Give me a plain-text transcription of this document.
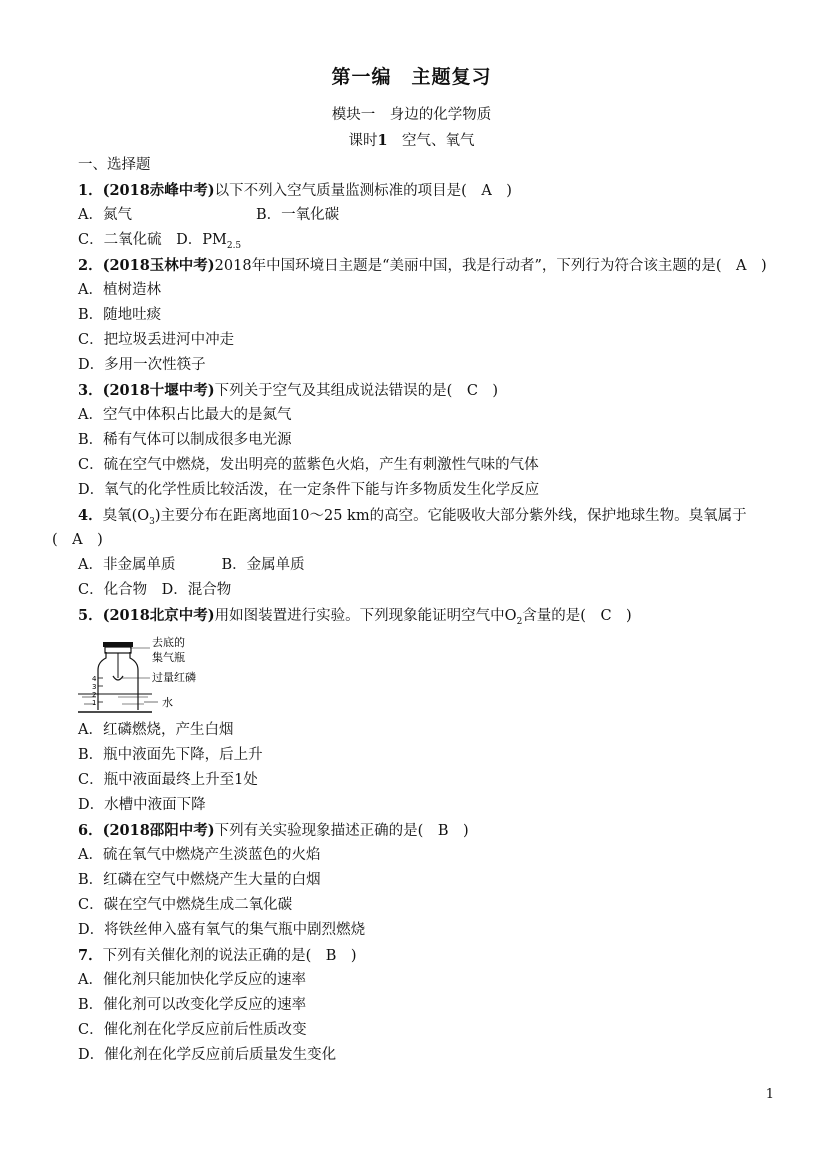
第一编　主题复习
模块一　身边的化学物质
课时1　 空气、氧气
一、选择题
1．(2018赤峰中考)以下不列入空气质量监测标准的项目是(　A　)
A．氮气	B．一氧化碳
C．二氧化硫　 D．$PM_{2.5}$
2．(2018玉林中考)2018年中国环境日主题是“美丽中国，我是行动者”，下列行为符合该主题的是(　A　)
A．植树造林
B．随地吐痰
C．把垃圾丢进河中冲走
D．多用一次性筷子
3．(2018十堰中考)下列关于空气及其组成说法错误的是(　C　)
A．空气中体积占比最大的是氮气
B．稀有气体可以制成很多电光源
C．硫在空气中燃烧，发出明亮的蓝紫色火焰，产生有刺激性气味的气体
D．氧气的化学性质比较活泼，在一定条件下能与许多物质发生化学反应
4．臭氧$(O_3)$主要分布在距离地面10～25 km的高空。它能吸收大部分紫外线，保护地球生物。臭氧属于
(　A　)
A．非金属单质	B．金属单质
C．化合物　 D．混合物
5．(2018北京中考)用如图装置进行实验。下列现象能证明空气中$O_2$含量的是(　C　)
4
3
2
1
去底的
集气瓶
过量红磷
水
A．红磷燃烧，产生白烟
B．瓶中液面先下降，后上升
C．瓶中液面最终上升至1处
D．水槽中液面下降
6．(2018邵阳中考)下列有关实验现象描述正确的是(　B　)
A．硫在氧气中燃烧产生淡蓝色的火焰
B．红磷在空气中燃烧产生大量的白烟
C．碳在空气中燃烧生成二氧化碳
D．将铁丝伸入盛有氧气的集气瓶中剧烈燃烧
7．下列有关催化剂的说法正确的是(　B　)
A．催化剂只能加快化学反应的速率
B．催化剂可以改变化学反应的速率
C．催化剂在化学反应前后性质改变
D．催化剂在化学反应前后质量发生变化
1
